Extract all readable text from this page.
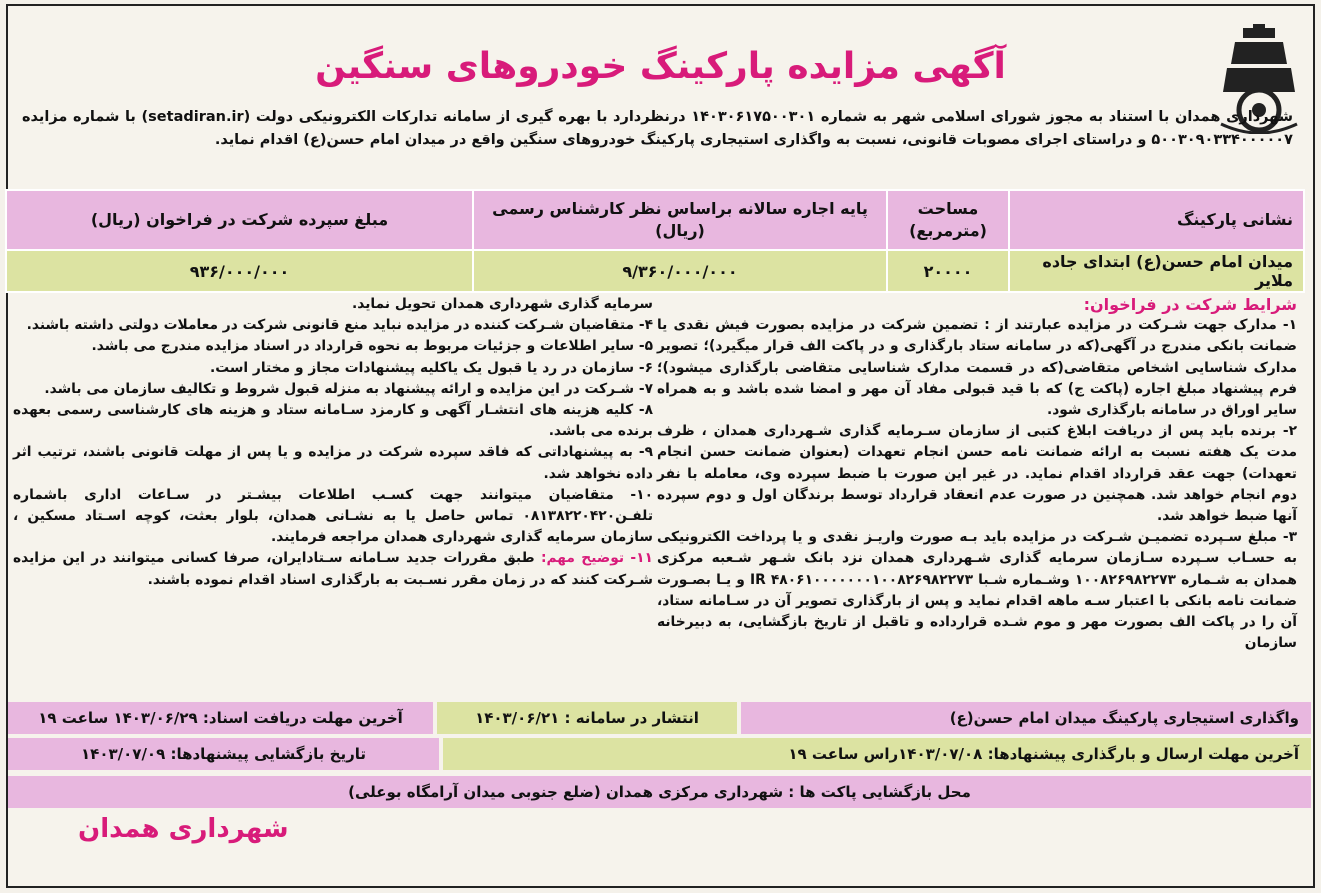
آگهی مزایده پارکینگ خودروهای سنگین
شهرداری همدان با استناد به مجوز شورای اسلامی شهر به شماره ۱۴۰۳۰۶۱۷۵۰۰۳۰۱ درنظردارد با بهره گیری از سامانه تدارکات الکترونیکی دولت (setadiran.ir) با شماره مزایده ۵۰۰۳۰۹۰۳۳۴۰۰۰۰۰۷ و دراستای اجرای مصوبات قانونی، نسبت به واگذاری استیجاری پارکینگ خودروهای سنگین واقع در میدان امام حسن(ع) اقدام نماید.
نشانی پارکینگ	مساحت (مترمربع)	پایه اجاره سالانه براساس نظر کارشناس رسمی (ریال)	مبلغ سپرده شرکت در فراخوان (ریال)
میدان امام حسن(ع) ابتدای جاده ملایر	۲۰۰۰۰	۹/۳۶۰/۰۰۰/۰۰۰	۹۳۶/۰۰۰/۰۰۰

شرایط شرکت در فراخوان:

۱- مدارک جهت شـرکت در مزایده عبارتند از : تضمین شرکت در مزایده بصورت فیش نقدی یا ضمانت بانکی مندرج در آگهی(که در سامانه ستاد بارگذاری و در پاکت الف قرار میگیرد)؛ تصویر مدارک شناسایی اشخاص متقاضی(که در قسمت مدارک شناسایی متقاضی بارگذاری میشود)؛ فرم پیشنهاد مبلغ اجاره (پاکت ج) که با قید قبولی مفاد آن مهر و امضا شده باشد و به همراه سایر اوراق در سامانه بارگذاری شود.

۲- برنده باید پس از دریافت ابلاغ کتبی از سازمان سـرمایه گذاری شـهرداری همدان ، ظرف مدت یک هفته نسبت به ارائه ضمانت نامه حسن انجام تعهدات (بعنوان ضمانت حسن انجام تعهدات) جهت عقد قرارداد اقدام نماید. در غیر این صورت با ضبط سپرده وی، معامله با نفر دوم انجام خواهد شد. همچنین در صورت عدم انعقاد قرارداد توسط برندگان اول و دوم سپرده آنها ضبط خواهد شد.

۳- مبلغ سـپرده تضمیـن شـرکت در مزایده باید بـه صورت واریـز نقدی و یا پرداخت الکترونیکی به حسـاب سـپرده سـازمان سرمایه گذاری شـهرداری همدان نزد بانک شـهر شـعبه مرکزی همدان به شـماره ۱۰۰۸۲۶۹۸۲۲۷۳ وشـماره شـبا IR ۴۸۰۶۱۰۰۰۰۰۰۰۱۰۰۸۲۶۹۸۲۲۷۳ و یـا بصـورت ضمانت نامه بانکی با اعتبار سـه ماهه اقدام نماید و پس از بارگذاری تصویر آن در سـامانه ستاد، آن را در پاکت الف بصورت مهر و موم شـده قرارداده و تاقبل از تاریخ بازگشایی، به دبیرخانه سازمان

سرمایه گذاری شهرداری همدان تحویل نماید.

۴- متقاضیان شـرکت کننده در مزایده نباید منع قانونی شرکت در معاملات دولتی داشته باشند.

۵- سایر اطلاعات و جزئیات مربوط به نحوه قرارداد در اسناد مزایده مندرج می باشد.

۶- سازمان در رد یا قبول یک یاکلیه پیشنهادات مجاز و مختار است.

۷- شـرکت در این مزایده و ارائه پیشنهاد به منزله قبول شروط و تکالیف سازمان می باشد.

۸- کلیه هزینه های انتشـار آگهی و کارمزد سـامانه ستاد و هزینه های کارشناسی رسمی بعهده برنده می باشد.

۹- به پیشنهاداتی که فاقد سپرده شرکت در مزایده و یا پس از مهلت قانونی باشند، ترتیب اثر داده نخواهد شد.

۱۰- متقاضیان میتوانند جهت کسـب اطلاعات بیشـتر در سـاعات اداری باشماره تلفـن۰۸۱۳۸۲۲۰۴۲۰ تماس حاصل یا به نشـانی همدان، بلوار بعثت، کوچه اسـتاد مسکین ، سازمان سرمایه گذاری شهرداری همدان مراجعه فرمایند.

۱۱- توضیح مهم: طبق مقررات جدید سـامانه سـتادایران، صرفا کسانی میتوانند در این مزایده شـرکت کنند که در زمان مقرر نسـبت به بارگذاری اسناد اقدام نموده باشند.

واگذاری استیجاری پارکینگ میدان امام حسن(ع)
انتشار در سامانه : ۱۴۰۳/۰۶/۲۱
آخرین مهلت دریافت اسناد: ۱۴۰۳/۰۶/۲۹ ساعت ۱۹
آخرین مهلت ارسال و بارگذاری پیشنهادها: ۱۴۰۳/۰۷/۰۸راس ساعت ۱۹
تاریخ بازگشایی پیشنهادها: ۱۴۰۳/۰۷/۰۹
محل بازگشایی پاکت ها : شهرداری مرکزی همدان (ضلع جنوبی میدان آرامگاه بوعلی)
شهرداری همدان
